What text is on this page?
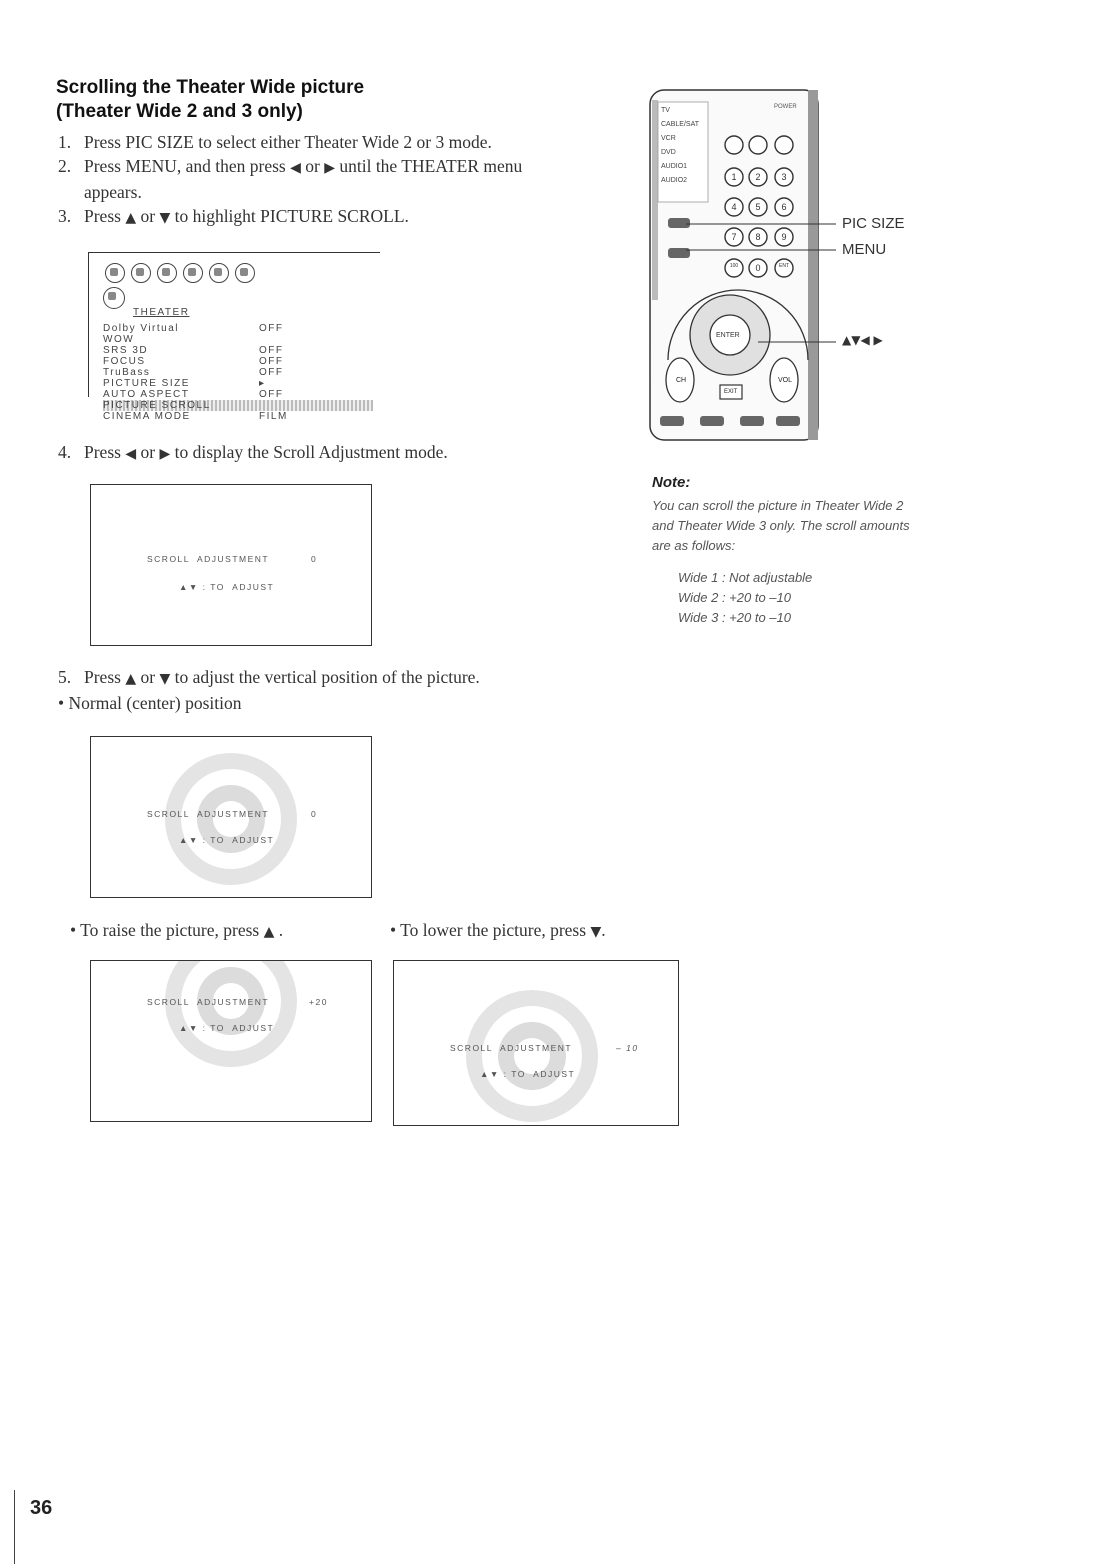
Scrolling the Theater Wide picture
(Theater Wide 2 and 3 only)
1. Press PIC SIZE to select either Theater Wide 2 or 3 mode.
2. Press MENU, and then press ◀ or ▶ until the THEATER menu
appears.
3. Press ▲ or ▼ to highlight PICTURE SCROLL.
THEATER
Dolby Virtual	OFF
WOW
SRS 3D	OFF
FOCUS	OFF
TruBass	OFF
PICTURE SIZE	▸
AUTO ASPECT	OFF
PICTURE SCROLL
CINEMA MODE	FILM
4. Press ◀ or ▶ to display the Scroll Adjustment mode.
SCROLL  ADJUSTMENT	0
▲▼ : TO  ADJUST
5. Press ▲ or ▼ to adjust the vertical position of the picture.
• Normal (center) position
SCROLL  ADJUSTMENT	0
▲▼ : TO  ADJUST
• To raise the picture, press ▲ .	• To lower the picture, press ▼.
SCROLL  ADJUSTMENT	+20
▲▼ : TO  ADJUST
SCROLL  ADJUSTMENT	– 10
▲▼ : TO  ADJUST
POWER
TV
CABLE/SAT
VCR
DVD
AUDIO1
AUDIO2	1	2	3
4	5	6
7	8	9
100	0	ENT
ENTER
CH	VOL
EXIT
PIC SIZE
MENU
▲▼◀ ▶
Note:
You can scroll the picture in Theater Wide 2
and Theater Wide 3 only. The scroll amounts
are as follows:
Wide 1 : Not adjustable
Wide 2 : +20 to –10
Wide 3 : +20 to –10
36
